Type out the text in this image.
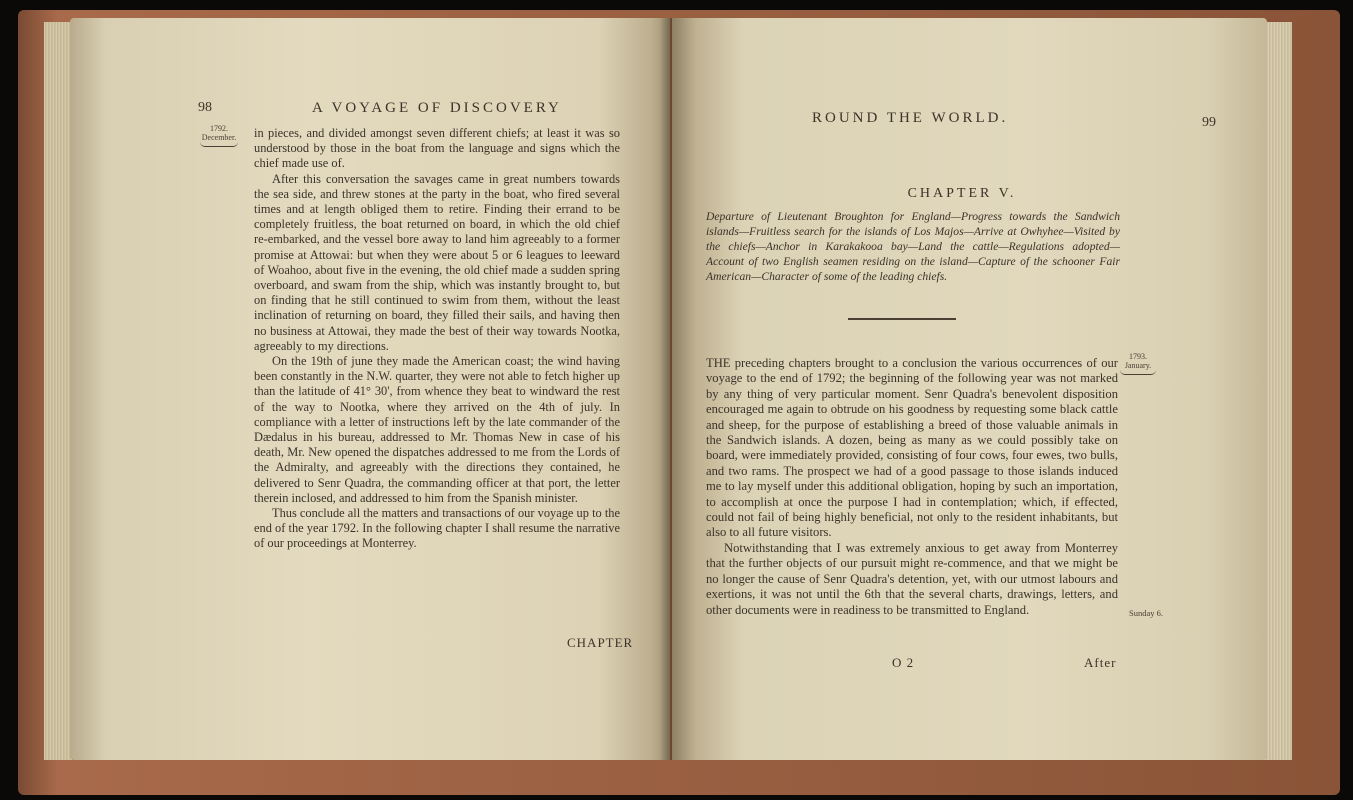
98	A VOYAGE OF DISCOVERY
1792.
December.	in pieces, and divided amongst seven different chiefs; at least it was so understood by those in the boat from the language and signs which the chief made use of.

After this conversation the savages came in great numbers towards the sea side, and threw stones at the party in the boat, who fired several times and at length obliged them to retire. Finding their errand to be completely fruitless, the boat returned on board, in which the old chief re-embarked, and the vessel bore away to land him agreeably to a former promise at Attowai: but when they were about 5 or 6 leagues to leeward of Woahoo, about five in the evening, the old chief made a sudden spring overboard, and swam from the ship, which was instantly brought to, but on finding that he still continued to swim from them, without the least inclination of returning on board, they filled their sails, and having then no business at Attowai, they made the best of their way towards Nootka, agreeably to my directions.

On the 19th of june they made the American coast; the wind having been constantly in the N.W. quarter, they were not able to fetch higher up than the latitude of 41° 30', from whence they beat to windward the rest of the way to Nootka, where they arrived on the 4th of july. In compliance with a letter of instructions left by the late commander of the Dædalus in his bureau, addressed to Mr. Thomas New in case of his death, Mr. New opened the dispatches addressed to me from the Lords of the Admiralty, and agreeably with the directions they contained, he delivered to Senr Quadra, the commanding officer at that port, the letter therein inclosed, and addressed to him from the Spanish minister.

Thus conclude all the matters and transactions of our voyage up to the end of the year 1792. In the following chapter I shall resume the narrative of our proceedings at Monterrey.

CHAPTER
ROUND THE WORLD.	99
CHAPTER V.
Departure of Lieutenant Broughton for England—Progress towards the Sandwich islands—Fruitless search for the islands of Los Majos—Arrive at Owhyhee—Visited by the chiefs—Anchor in Karakakooa bay—Land the cattle—Regulations adopted—Account of two English seamen residing on the island—Capture of the schooner Fair American—Character of some of the leading chiefs.
1793.
January.

THE preceding chapters brought to a conclusion the various occurrences of our voyage to the end of 1792; the beginning of the following year was not marked by any thing of very particular moment. Senr Quadra's benevolent disposition encouraged me again to obtrude on his goodness by requesting some black cattle and sheep, for the purpose of establishing a breed of those valuable animals in the Sandwich islands. A dozen, being as many as we could possibly take on board, were immediately provided, consisting of four cows, four ewes, two bulls, and two rams. The prospect we had of a good passage to those islands induced me to lay myself under this additional obligation, hoping by such an importation, to accomplish at once the purpose I had in contemplation; which, if effected, could not fail of being highly beneficial, not only to the resident inhabitants, but also to all future visitors.

Notwithstanding that I was extremely anxious to get away from Monterrey that the further objects of our pursuit might re-commence, and that we might be no longer the cause of Senr Quadra's detention, yet, with our utmost labours and exertions, it was not until the 6th that the several charts, drawings, letters, and other documents were in readiness to be transmitted to England.	Sunday 6.
O 2	After
